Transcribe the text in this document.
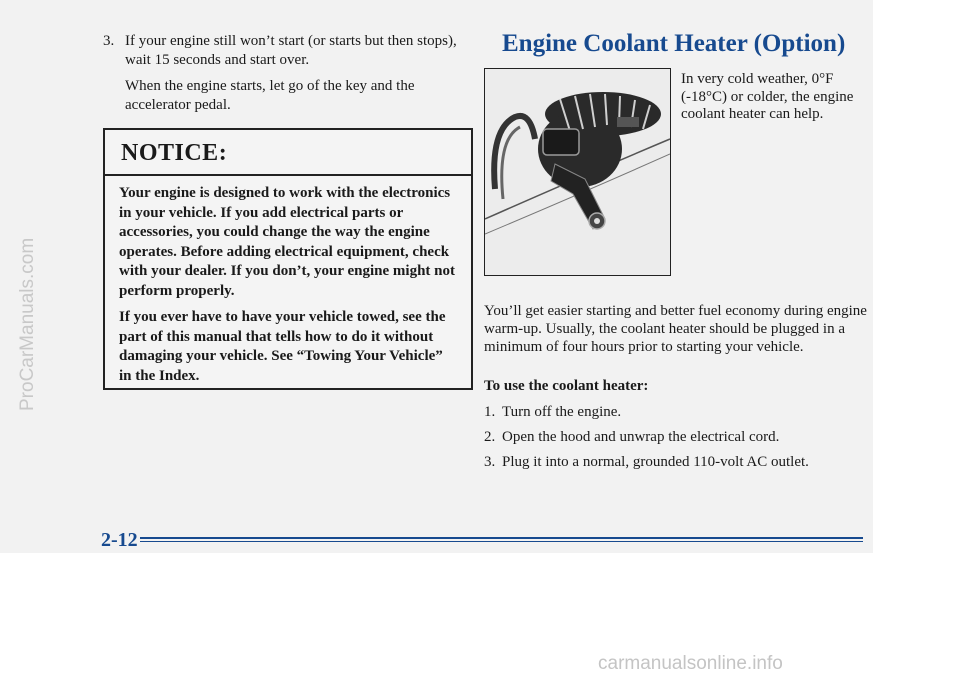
3. If your engine still won’t start (or starts but then stops), wait 15 seconds and start over.
When the engine starts, let go of the key and the accelerator pedal.
NOTICE:

Your engine is designed to work with the electronics in your vehicle. If you add electrical parts or accessories, you could change the way the engine operates. Before adding electrical equipment, check with your dealer. If you don’t, your engine might not perform properly.

If you ever have to have your vehicle towed, see the part of this manual that tells how to do it without damaging your vehicle. See “Towing Your Vehicle” in the Index.

Engine Coolant Heater (Option)
In very cold weather, 0°F (-18°C) or colder, the engine coolant heater can help.
You’ll get easier starting and better fuel economy during engine warm-up. Usually, the coolant heater should be plugged in a minimum of four hours prior to starting your vehicle.
To use the coolant heater:
1. Turn off the engine.
2. Open the hood and unwrap the electrical cord.
3. Plug it into a normal, grounded 110-volt AC outlet.
2-12
ProCarManuals.com
carmanualsonline.info
